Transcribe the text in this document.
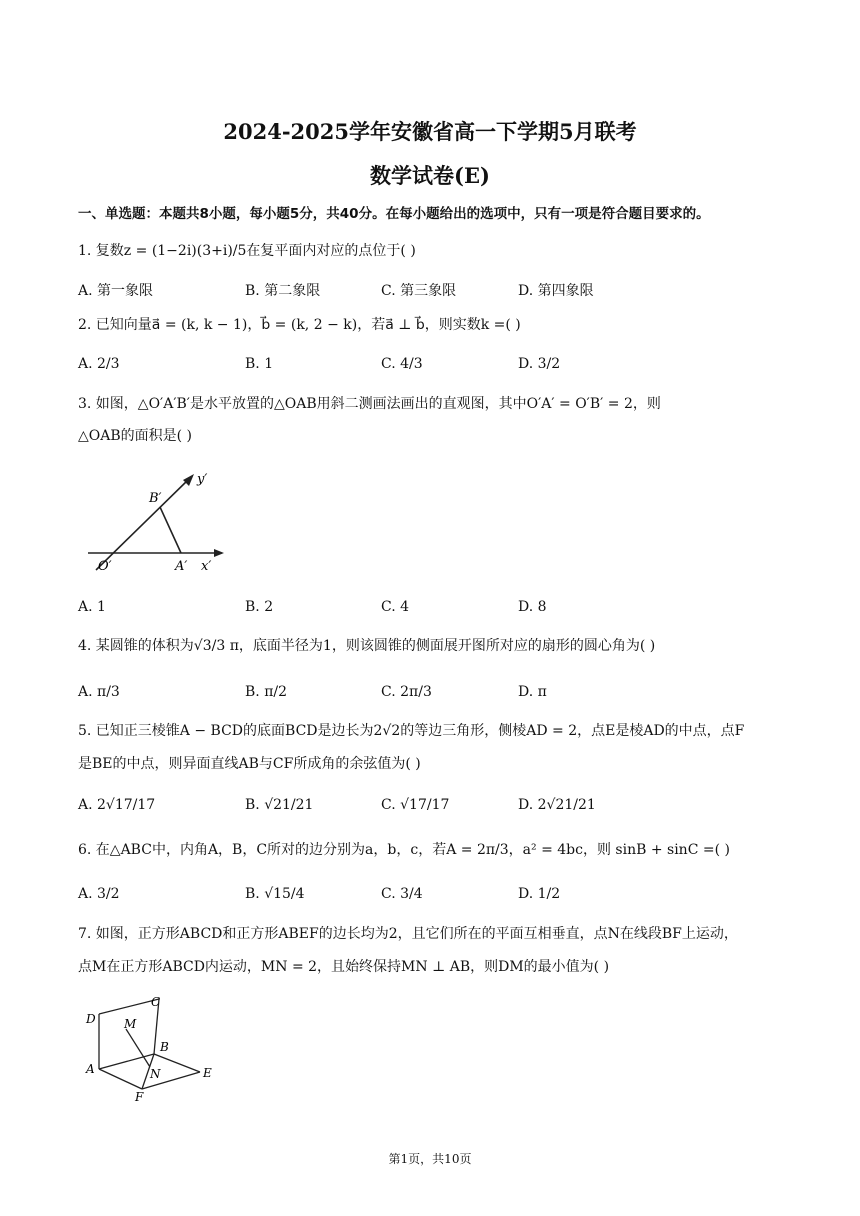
2024-2025学年安徽省高一下学期5月联考
数学试卷(E)
一、单选题：本题共8小题，每小题5分，共40分。在每小题给出的选项中，只有一项是符合题目要求的。
1. 复数z = (1−2i)(3+i)/5在复平面内对应的点位于( )
A. 第一象限	B. 第二象限	C. 第三象限	D. 第四象限
2. 已知向量a⃗ = (k, k − 1)，b⃗ = (k, 2 − k)，若a⃗ ⊥ b⃗，则实数k =( )
A. 2/3	B. 1	C. 4/3	D. 3/2
3. 如图，△O′A′B′是水平放置的△OAB用斜二测画法画出的直观图，其中O′A′ = O′B′ = 2，则
△OAB的面积是( )
B′
y′
O′	A′ x′
A. 1	B. 2	C. 4	D. 8
4. 某圆锥的体积为√3/3 π，底面半径为1，则该圆锥的侧面展开图所对应的扇形的圆心角为( )
A. π/3	B. π/2	C. 2π/3	D. π
5. 已知正三棱锥A − BCD的底面BCD是边长为2√2的等边三角形，侧棱AD = 2，点E是棱AD的中点，点F
是BE的中点，则异面直线AB与CF所成角的余弦值为( )
A. 2√17/17	B. √21/21	C. √17/17	D. 2√21/21
6. 在△ABC中，内角A，B，C所对的边分别为a，b，c，若A = 2π/3，a² = 4bc，则 sinB + sinC =( )
A. 3/2	B. √15/4	C. 3/4	D. 1/2
7. 如图，正方形ABCD和正方形ABEF的边长均为2，且它们所在的平面互相垂直，点N在线段BF上运动，
点M在正方形ABCD内运动，MN = 2，且始终保持MN ⊥ AB，则DM的最小值为( )
C
D M
B
A	N	E
F
第1页，共10页
